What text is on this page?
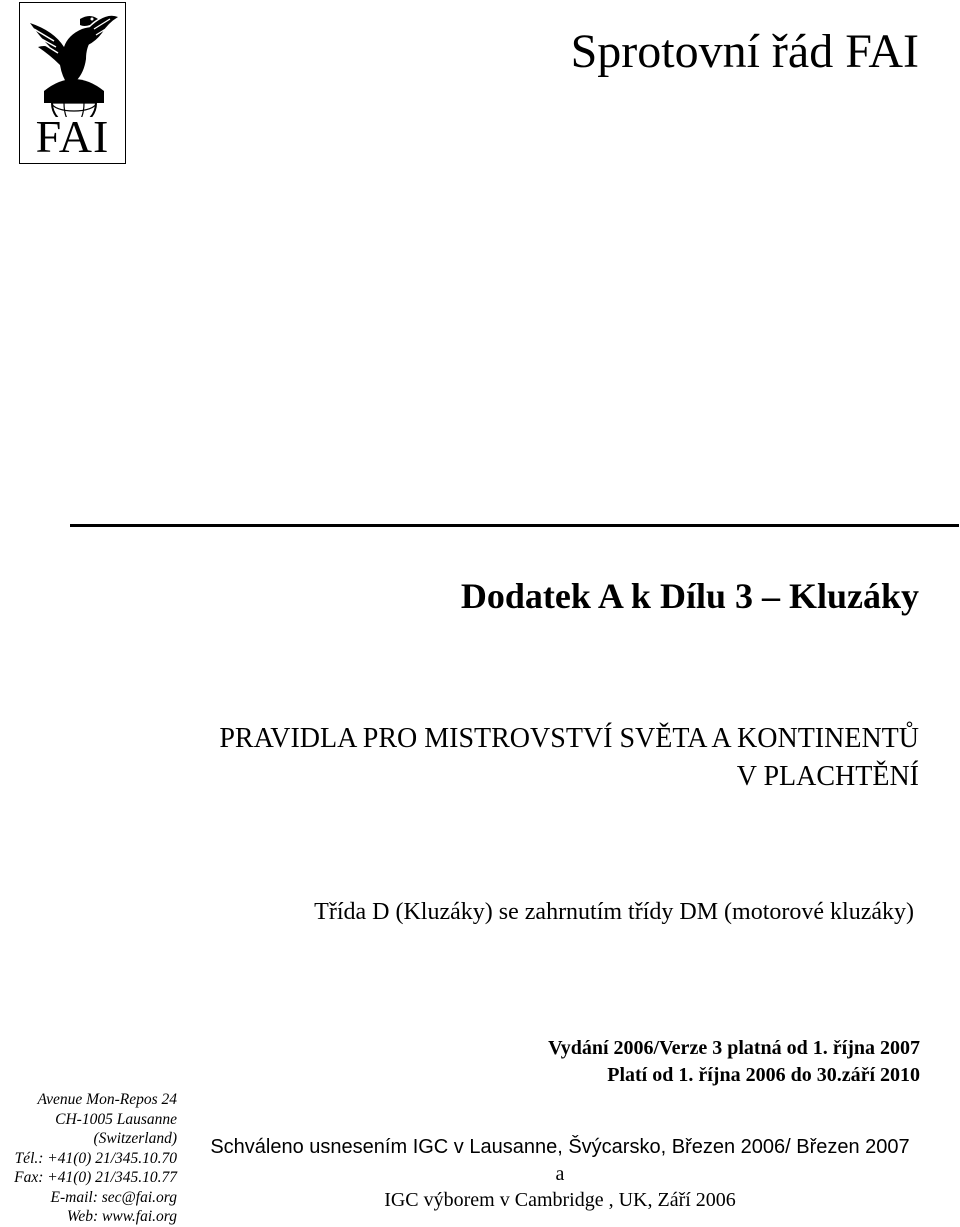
FAI
Sprotovní řád FAI
Dodatek A k Dílu 3 – Kluzáky
PRAVIDLA PRO MISTROVSTVÍ SVĚTA A KONTINENTŮ
V PLACHTĚNÍ
Třída D (Kluzáky) se zahrnutím třídy DM (motorové kluzáky)
Vydání 2006/Verze 3 platná od 1. října 2007
Platí od 1. října 2006 do 30.září 2010
Avenue Mon-Repos 24
CH-1005 Lausanne
(Switzerland)
Tél.: +41(0) 21/345.10.70
Fax: +41(0) 21/345.10.77
E-mail: sec@fai.org
Web: www.fai.org
Schváleno usnesením IGC v Lausanne, Švýcarsko, Březen 2006/ Březen 2007
a
IGC výborem v Cambridge , UK, Září 2006
